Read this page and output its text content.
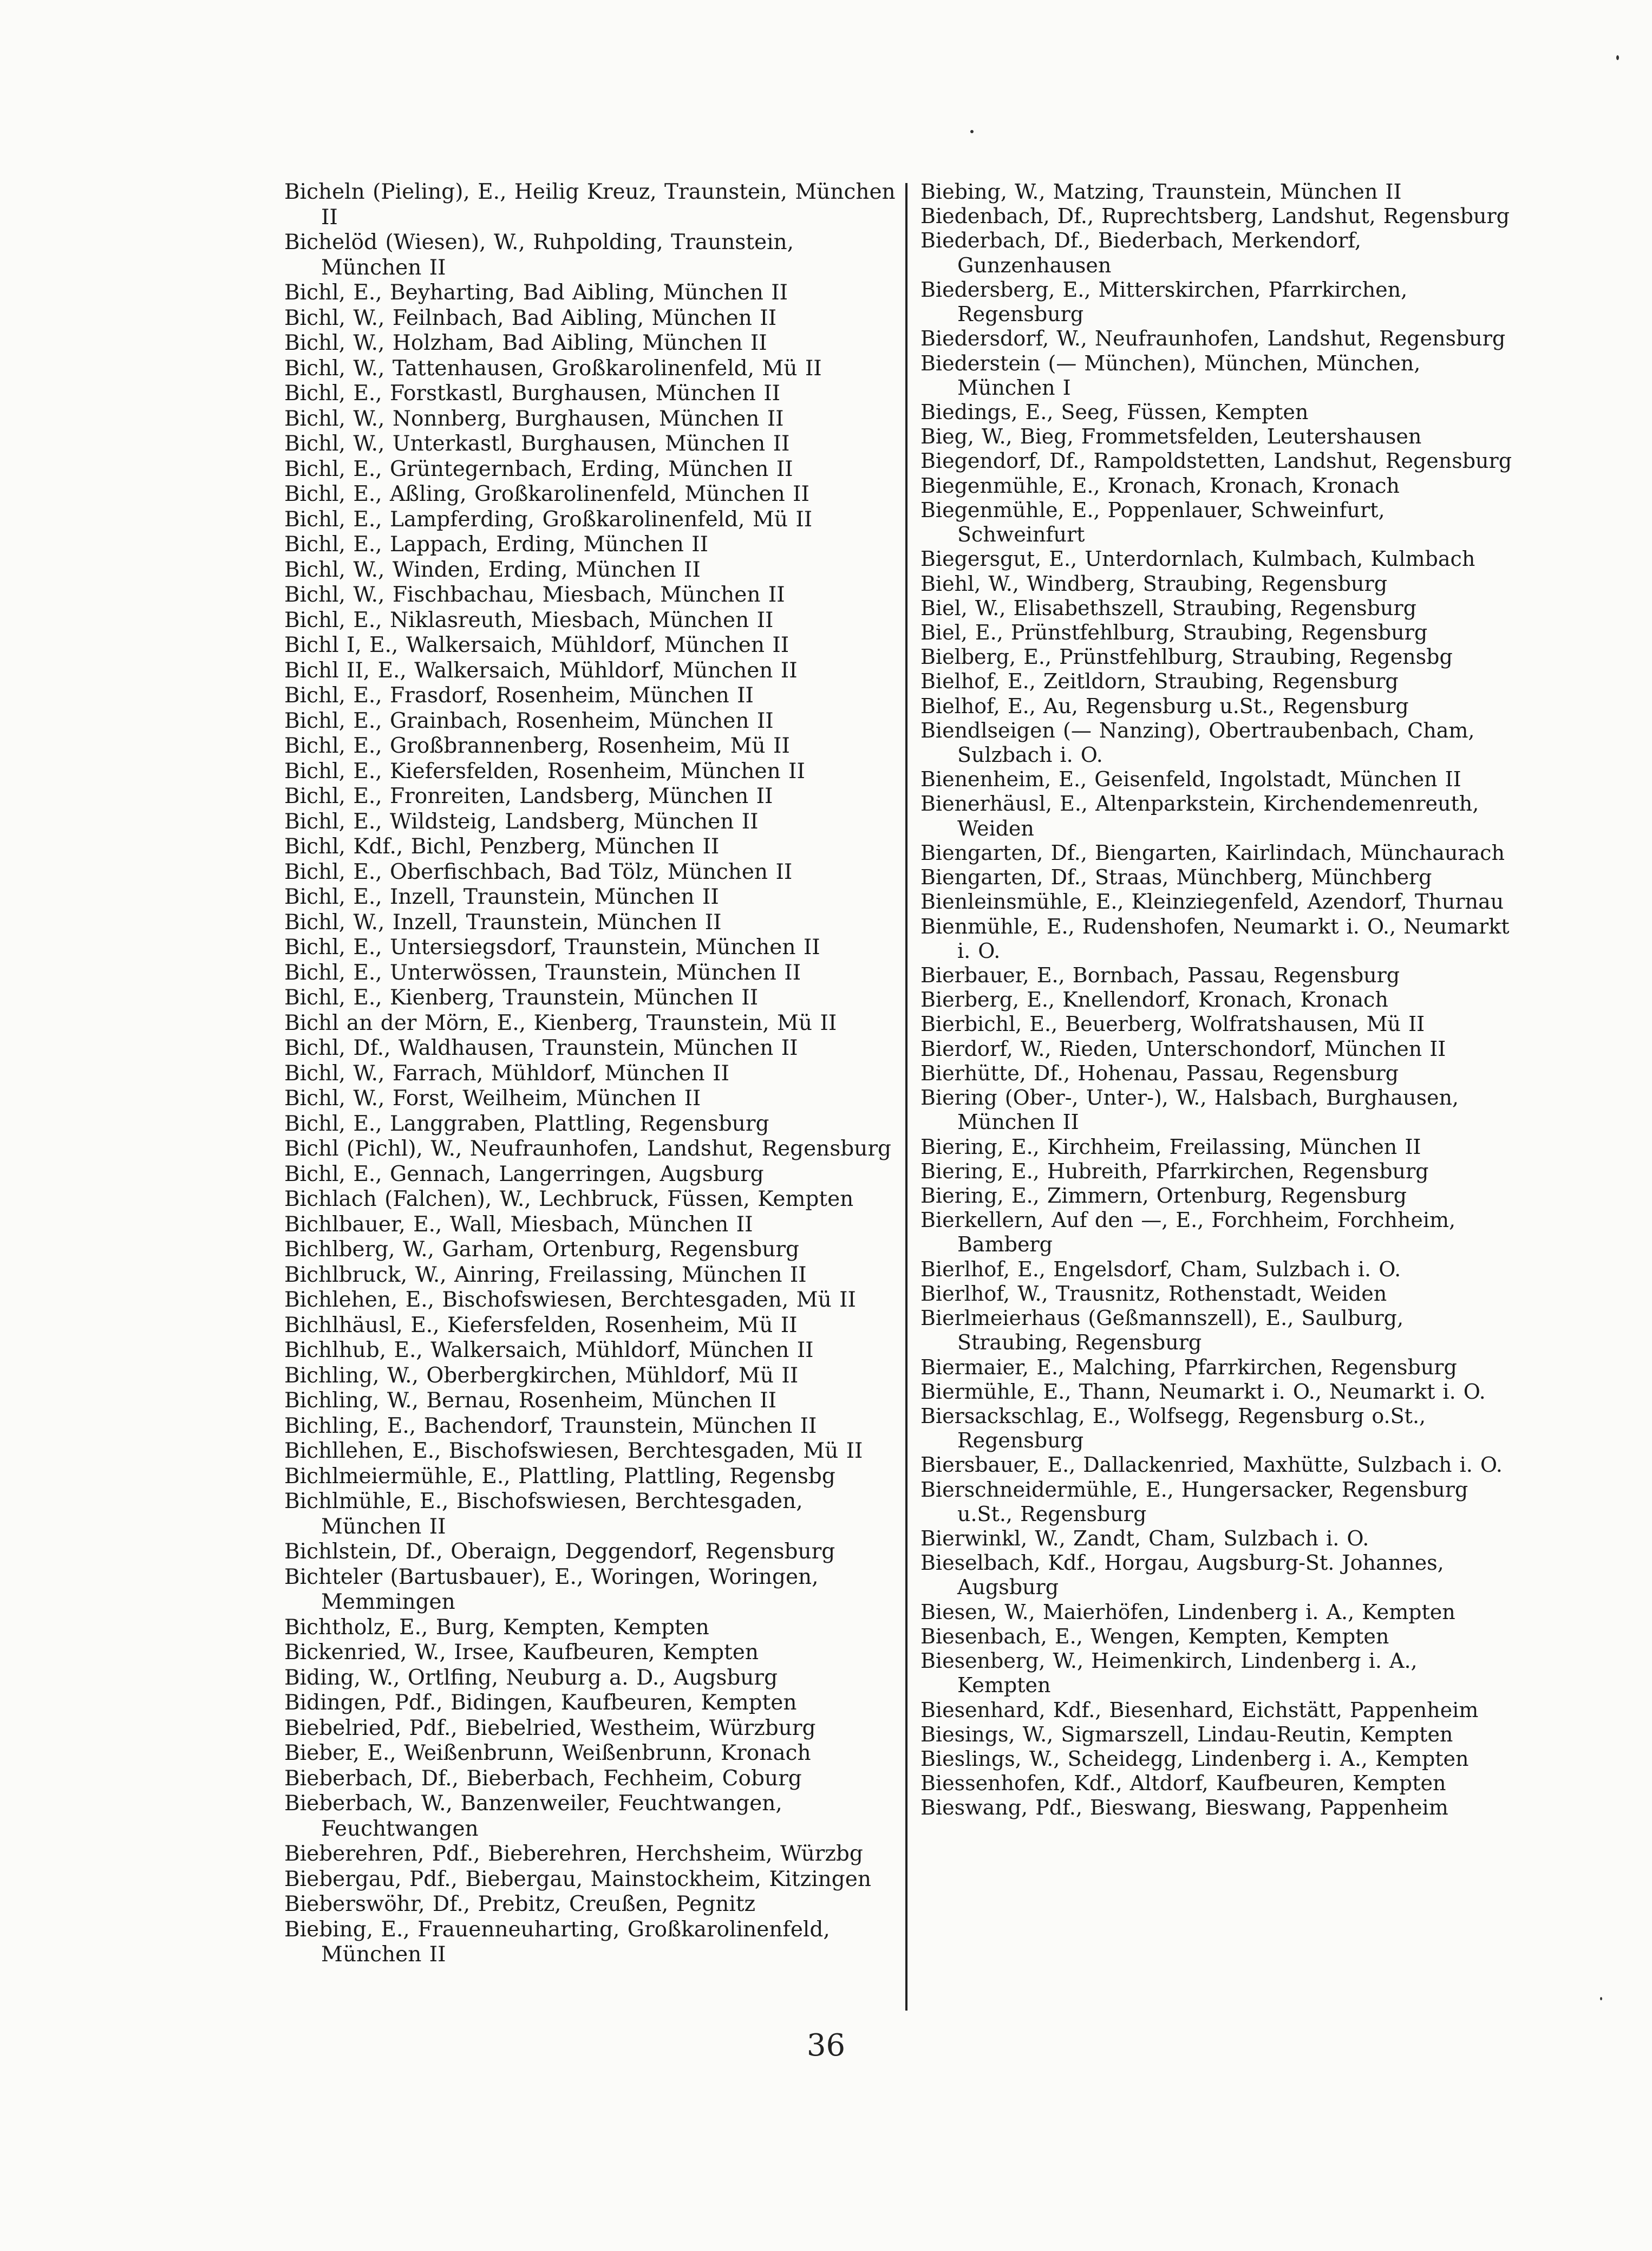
Bicheln (Pieling), E., Heilig Kreuz, Traunstein, München II

Bichelöd (Wiesen), W., Ruhpolding, Traunstein, München II

Bichl, E., Beyharting, Bad Aibling, München II

Bichl, W., Feilnbach, Bad Aibling, München II

Bichl, W., Holzham, Bad Aibling, München II

Bichl, W., Tattenhausen, Großkarolinenfeld, Mü II

Bichl, E., Forstkastl, Burghausen, München II

Bichl, W., Nonnberg, Burghausen, München II

Bichl, W., Unterkastl, Burghausen, München II

Bichl, E., Grüntegernbach, Erding, München II

Bichl, E., Aßling, Großkarolinenfeld, München II

Bichl, E., Lampferding, Großkarolinenfeld, Mü II

Bichl, E., Lappach, Erding, München II

Bichl, W., Winden, Erding, München II

Bichl, W., Fischbachau, Miesbach, München II

Bichl, E., Niklasreuth, Miesbach, München II

Bichl I, E., Walkersaich, Mühldorf, München II

Bichl II, E., Walkersaich, Mühldorf, München II

Bichl, E., Frasdorf, Rosenheim, München II

Bichl, E., Grainbach, Rosenheim, München II

Bichl, E., Großbrannenberg, Rosenheim, Mü II

Bichl, E., Kiefersfelden, Rosenheim, München II

Bichl, E., Fronreiten, Landsberg, München II

Bichl, E., Wildsteig, Landsberg, München II

Bichl, Kdf., Bichl, Penzberg, München II

Bichl, E., Oberfischbach, Bad Tölz, München II

Bichl, E., Inzell, Traunstein, München II

Bichl, W., Inzell, Traunstein, München II

Bichl, E., Untersiegsdorf, Traunstein, München II

Bichl, E., Unterwössen, Traunstein, München II

Bichl, E., Kienberg, Traunstein, München II

Bichl an der Mörn, E., Kienberg, Traunstein, Mü II

Bichl, Df., Waldhausen, Traunstein, München II

Bichl, W., Farrach, Mühldorf, München II

Bichl, W., Forst, Weilheim, München II

Bichl, E., Langgraben, Plattling, Regensburg

Bichl (Pichl), W., Neufraunhofen, Landshut, Regensburg

Bichl, E., Gennach, Langerringen, Augsburg

Bichlach (Falchen), W., Lechbruck, Füssen, Kempten

Bichlbauer, E., Wall, Miesbach, München II

Bichlberg, W., Garham, Ortenburg, Regensburg

Bichlbruck, W., Ainring, Freilassing, München II

Bichlehen, E., Bischofswiesen, Berchtesgaden, Mü II

Bichlhäusl, E., Kiefersfelden, Rosenheim, Mü II

Bichlhub, E., Walkersaich, Mühldorf, München II

Bichling, W., Oberbergkirchen, Mühldorf, Mü II

Bichling, W., Bernau, Rosenheim, München II

Bichling, E., Bachendorf, Traunstein, München II

Bichllehen, E., Bischofswiesen, Berchtesgaden, Mü II

Bichlmeiermühle, E., Plattling, Plattling, Regensbg

Bichlmühle, E., Bischofswiesen, Berchtesgaden, München II

Bichlstein, Df., Oberaign, Deggendorf, Regensburg

Bichteler (Bartusbauer), E., Woringen, Woringen, Memmingen

Bichtholz, E., Burg, Kempten, Kempten

Bickenried, W., Irsee, Kaufbeuren, Kempten

Biding, W., Ortlfing, Neuburg a. D., Augsburg

Bidingen, Pdf., Bidingen, Kaufbeuren, Kempten

Biebelried, Pdf., Biebelried, Westheim, Würzburg

Bieber, E., Weißenbrunn, Weißenbrunn, Kronach

Bieberbach, Df., Bieberbach, Fechheim, Coburg

Bieberbach, W., Banzenweiler, Feuchtwangen, Feuchtwangen

Bieberehren, Pdf., Bieberehren, Herchsheim, Würzbg

Biebergau, Pdf., Biebergau, Mainstockheim, Kitzingen

Bieberswöhr, Df., Prebitz, Creußen, Pegnitz

Biebing, E., Frauenneuharting, Großkarolinenfeld, München II

Biebing, W., Matzing, Traunstein, München II

Biedenbach, Df., Ruprechtsberg, Landshut, Regensburg

Biederbach, Df., Biederbach, Merkendorf, Gunzenhausen

Biedersberg, E., Mitterskirchen, Pfarrkirchen, Regensburg

Biedersdorf, W., Neufraunhofen, Landshut, Regensburg

Biederstein (— München), München, München, München I

Biedings, E., Seeg, Füssen, Kempten

Bieg, W., Bieg, Frommetsfelden, Leutershausen

Biegendorf, Df., Rampoldstetten, Landshut, Regensburg

Biegenmühle, E., Kronach, Kronach, Kronach

Biegenmühle, E., Poppenlauer, Schweinfurt, Schweinfurt

Biegersgut, E., Unterdornlach, Kulmbach, Kulmbach

Biehl, W., Windberg, Straubing, Regensburg

Biel, W., Elisabethszell, Straubing, Regensburg

Biel, E., Prünstfehlburg, Straubing, Regensburg

Bielberg, E., Prünstfehlburg, Straubing, Regensbg

Bielhof, E., Zeitldorn, Straubing, Regensburg

Bielhof, E., Au, Regensburg u.St., Regensburg

Biendlseigen (— Nanzing), Obertraubenbach, Cham, Sulzbach i. O.

Bienenheim, E., Geisenfeld, Ingolstadt, München II

Bienerhäusl, E., Altenparkstein, Kirchendemenreuth, Weiden

Biengarten, Df., Biengarten, Kairlindach, Münchaurach

Biengarten, Df., Straas, Münchberg, Münchberg

Bienleinsmühle, E., Kleinziegenfeld, Azendorf, Thurnau

Bienmühle, E., Rudenshofen, Neumarkt i. O., Neumarkt i. O.

Bierbauer, E., Bornbach, Passau, Regensburg

Bierberg, E., Knellendorf, Kronach, Kronach

Bierbichl, E., Beuerberg, Wolfratshausen, Mü II

Bierdorf, W., Rieden, Unterschondorf, München II

Bierhütte, Df., Hohenau, Passau, Regensburg

Biering (Ober-, Unter-), W., Halsbach, Burghausen, München II

Biering, E., Kirchheim, Freilassing, München II

Biering, E., Hubreith, Pfarrkirchen, Regensburg

Biering, E., Zimmern, Ortenburg, Regensburg

Bierkellern, Auf den —, E., Forchheim, Forchheim, Bamberg

Bierlhof, E., Engelsdorf, Cham, Sulzbach i. O.

Bierlhof, W., Trausnitz, Rothenstadt, Weiden

Bierlmeierhaus (Geßmannszell), E., Saulburg, Straubing, Regensburg

Biermaier, E., Malching, Pfarrkirchen, Regensburg

Biermühle, E., Thann, Neumarkt i. O., Neumarkt i. O.

Biersackschlag, E., Wolfsegg, Regensburg o.St., Regensburg

Biersbauer, E., Dallackenried, Maxhütte, Sulzbach i. O.

Bierschneidermühle, E., Hungersacker, Regensburg u.St., Regensburg

Bierwinkl, W., Zandt, Cham, Sulzbach i. O.

Bieselbach, Kdf., Horgau, Augsburg-St. Johannes, Augsburg

Biesen, W., Maierhöfen, Lindenberg i. A., Kempten

Biesenbach, E., Wengen, Kempten, Kempten

Biesenberg, W., Heimenkirch, Lindenberg i. A., Kempten

Biesenhard, Kdf., Biesenhard, Eichstätt, Pappenheim

Biesings, W., Sigmarszell, Lindau-Reutin, Kempten

Bieslings, W., Scheidegg, Lindenberg i. A., Kempten

Biessenhofen, Kdf., Altdorf, Kaufbeuren, Kempten

Bieswang, Pdf., Bieswang, Bieswang, Pappenheim

36
